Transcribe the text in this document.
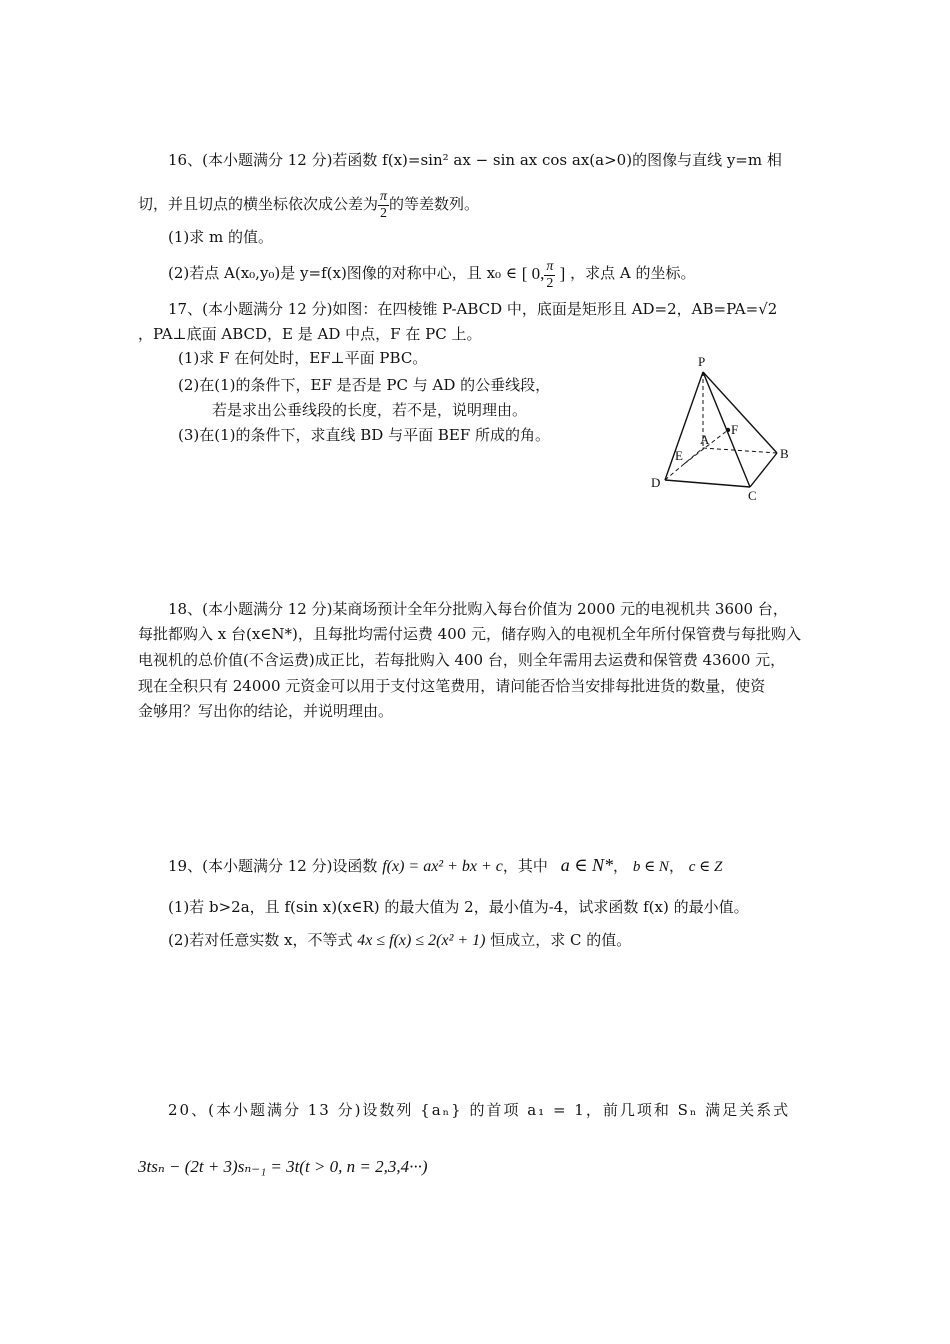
16、(本小题满分 12 分)若函数 f(x)=sin² ax − sin ax cos ax(a>0)的图像与直线 y=m 相
切，并且切点的横坐标依次成公差为 $\frac{\pi}{2}$ 的等差数列。
(1)求 m 的值。
(2)若点 A(x₀,y₀)是 y=f(x)图像的对称中心，且 x₀ ∈ [ 0, $\frac{\pi}{2}$ ] ，求点 A 的坐标。
17、(本小题满分 12 分)如图：在四棱锥 P-ABCD 中，底面是矩形且 AD=2，AB=PA=√2
，PA⊥底面 ABCD，E 是 AD 中点，F 在 PC 上。
(1)求 F 在何处时，EF⊥平面 PBC。
(2)在(1)的条件下，EF 是否是 PC 与 AD 的公垂线段，
若是求出公垂线段的长度，若不是，说明理由。
(3)在(1)的条件下，求直线 BD 与平面 BEF 所成的角。
P
A
B
C
D
E
F
18、(本小题满分 12 分)某商场预计全年分批购入每台价值为 2000 元的电视机共 3600 台，
每批都购入 x 台(x∈N*)，且每批均需付运费 400 元，储存购入的电视机全年所付保管费与每批购入
电视机的总价值(不含运费)成正比，若每批购入 400 台，则全年需用去运费和保管费 43600 元，
现在全积只有 24000 元资金可以用于支付这笔费用，请问能否恰当安排每批进货的数量，使资
金够用？写出你的结论，并说明理由。
19、(本小题满分 12 分)设函数 f(x) = ax² + bx + c，其中 a ∈ N*， b ∈ N， c ∈ Z
(1)若 b>2a，且 f(sin x)(x∈R) 的最大值为 2，最小值为-4，试求函数 f(x) 的最小值。
(2)若对任意实数 x，不等式 4x ≤ f(x) ≤ 2(x² + 1) 恒成立，求 C 的值。
20、(本小题满分 13 分)设数列 {aₙ} 的首项 a₁ = 1，前几项和 Sₙ 满足关系式
3tsₙ − (2t + 3)sₙ₋₁ = 3t(t > 0, n = 2,3,4···)
